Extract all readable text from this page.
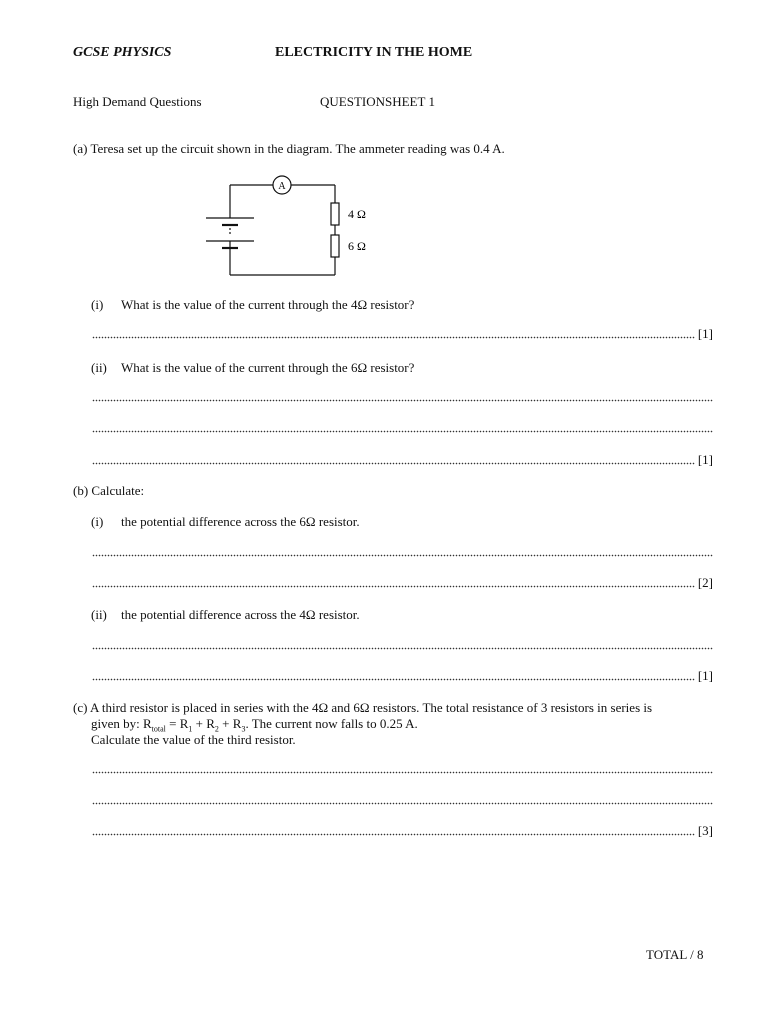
GCSE PHYSICS	ELECTRICITY IN THE HOME
High Demand Questions	QUESTIONSHEET 1
(a) Teresa set up the circuit shown in the diagram. The ammeter reading was 0.4 A.
A
4 Ω
6 Ω
(i) What is the value of the current through the 4Ω resistor?
[1]
(ii) What is the value of the current through the 6Ω resistor?
[1]
(b) Calculate:
(i) the potential difference across the 6Ω resistor.
[2]
(ii) the potential difference across the 4Ω resistor.
[1]
(c) A third resistor is placed in series with the 4Ω and 6Ω resistors. The total resistance of 3 resistors in series is
given by: $R_{total} = R_1 + R_2 + R_3$. The current now falls to 0.25 A.
Calculate the value of the third resistor.
[3]
TOTAL / 8
